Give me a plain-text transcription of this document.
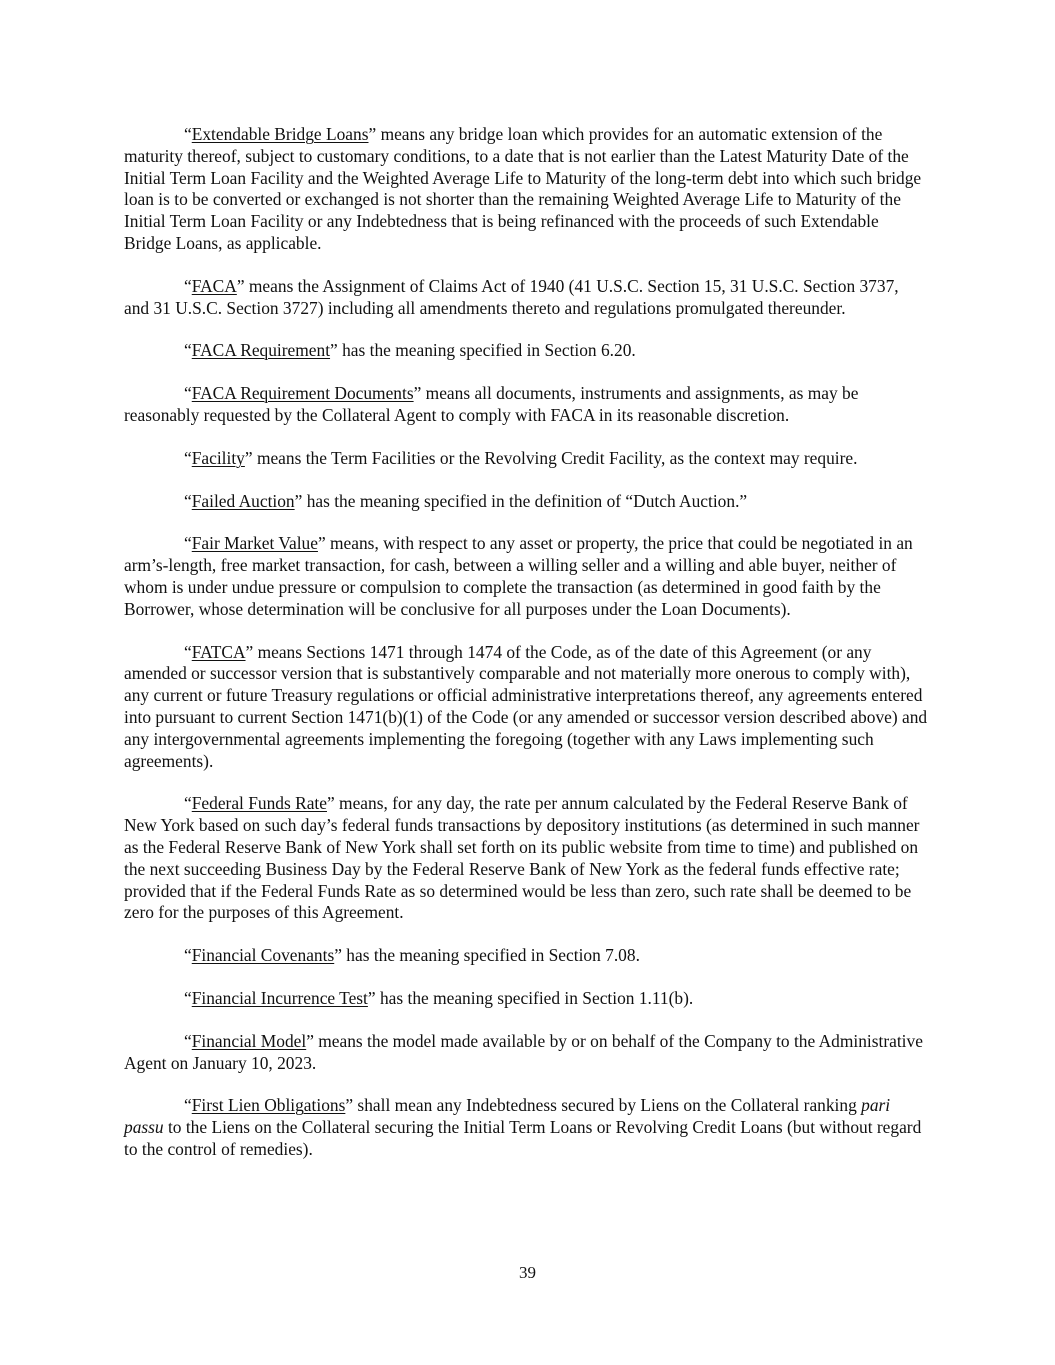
“Extendable Bridge Loans” means any bridge loan which provides for an automatic extension of the maturity thereof, subject to customary conditions, to a date that is not earlier than the Latest Maturity Date of the Initial Term Loan Facility and the Weighted Average Life to Maturity of the long-term debt into which such bridge loan is to be converted or exchanged is not shorter than the remaining Weighted Average Life to Maturity of the Initial Term Loan Facility or any Indebtedness that is being refinanced with the proceeds of such Extendable Bridge Loans, as applicable.

“FACA” means the Assignment of Claims Act of 1940 (41 U.S.C. Section 15, 31 U.S.C. Section 3737, and 31 U.S.C. Section 3727) including all amendments thereto and regulations promulgated thereunder.

“FACA Requirement” has the meaning specified in Section 6.20.

“FACA Requirement Documents” means all documents, instruments and assignments, as may be reasonably requested by the Collateral Agent to comply with FACA in its reasonable discretion.

“Facility” means the Term Facilities or the Revolving Credit Facility, as the context may require.

“Failed Auction” has the meaning specified in the definition of “Dutch Auction.”

“Fair Market Value” means, with respect to any asset or property, the price that could be negotiated in an arm’s-length, free market transaction, for cash, between a willing seller and a willing and able buyer, neither of whom is under undue pressure or compulsion to complete the transaction (as determined in good faith by the Borrower, whose determination will be conclusive for all purposes under the Loan Documents).

“FATCA” means Sections 1471 through 1474 of the Code, as of the date of this Agreement (or any amended or successor version that is substantively comparable and not materially more onerous to comply with), any current or future Treasury regulations or official administrative interpretations thereof, any agreements entered into pursuant to current Section 1471(b)(1) of the Code (or any amended or successor version described above) and any intergovernmental agreements implementing the foregoing (together with any Laws implementing such agreements).

“Federal Funds Rate” means, for any day, the rate per annum calculated by the Federal Reserve Bank of New York based on such day’s federal funds transactions by depository institutions (as determined in such manner as the Federal Reserve Bank of New York shall set forth on its public website from time to time) and published on the next succeeding Business Day by the Federal Reserve Bank of New York as the federal funds effective rate; provided that if the Federal Funds Rate as so determined would be less than zero, such rate shall be deemed to be zero for the purposes of this Agreement.

“Financial Covenants” has the meaning specified in Section 7.08.

“Financial Incurrence Test” has the meaning specified in Section 1.11(b).

“Financial Model” means the model made available by or on behalf of the Company to the Administrative Agent on January 10, 2023.

“First Lien Obligations” shall mean any Indebtedness secured by Liens on the Collateral ranking pari passu to the Liens on the Collateral securing the Initial Term Loans or Revolving Credit Loans (but without regard to the control of remedies).

39
